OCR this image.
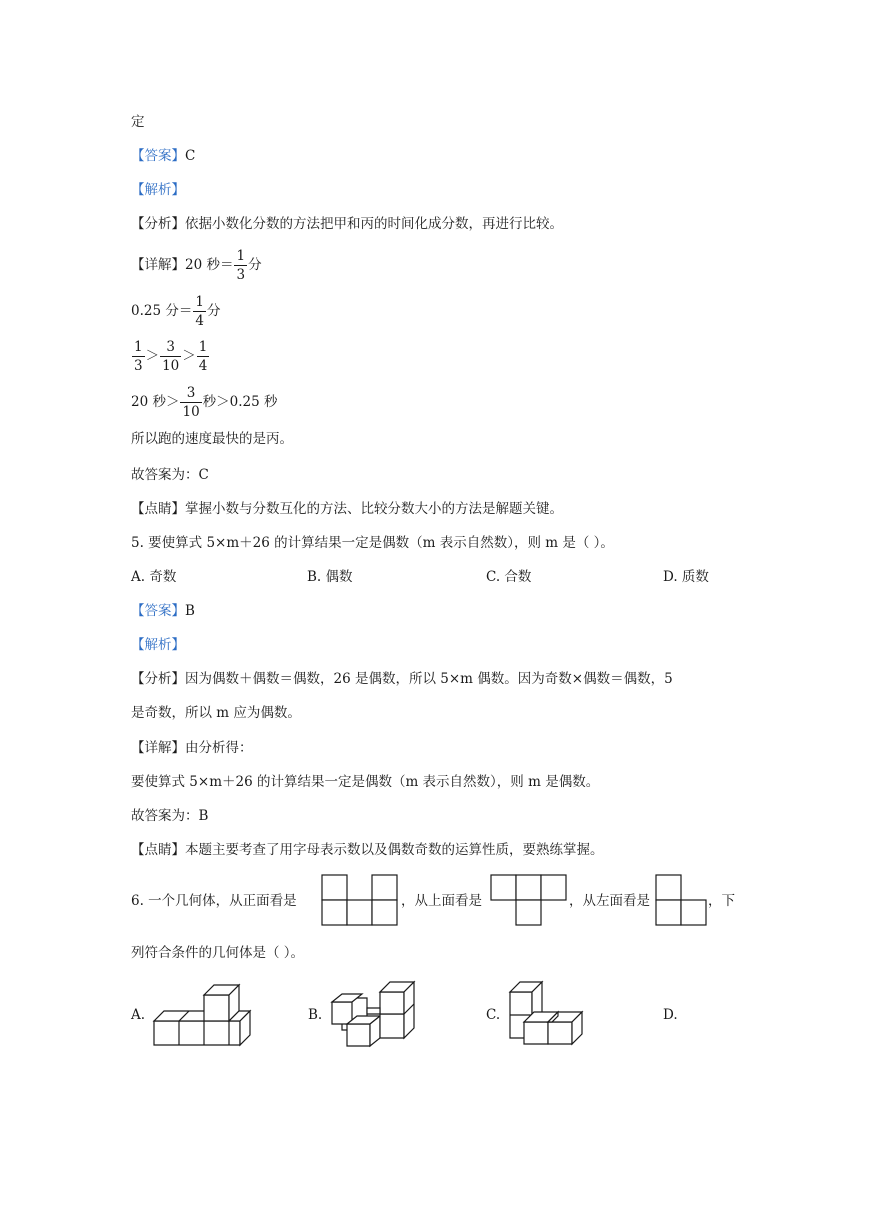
定
【答案】C
【解析】
【分析】依据小数化分数的方法把甲和丙的时间化成分数，再进行比较。
【详解】20 秒＝ $\frac{1}{3}$ 分
0.25 分＝ $\frac{1}{4}$ 分
$\frac{1}{3} > \frac{3}{10} > \frac{1}{4}$
20 秒＞ $\frac{3}{10}$ 秒＞0.25 秒
所以跑的速度最快的是丙。
故答案为：C
【点睛】掌握小数与分数互化的方法、比较分数大小的方法是解题关键。
5. 要使算式 5×m＋26 的计算结果一定是偶数（m 表示自然数），则 m 是（ ）。
A. 奇数	B. 偶数	C. 合数	D. 质数
【答案】B
【解析】
【分析】因为偶数＋偶数＝偶数，26 是偶数，所以 5×m 偶数。因为奇数×偶数＝偶数，5
是奇数，所以 m 应为偶数。
【详解】由分析得：
要使算式 5×m＋26 的计算结果一定是偶数（m 表示自然数），则 m 是偶数。
故答案为：B
【点睛】本题主要考查了用字母表示数以及偶数奇数的运算性质，要熟练掌握。
6. 一个几何体，从正面看是	，从上面看是	，从左面看是	，下
列符合条件的几何体是（ ）。
A.	B.	C.	D.
